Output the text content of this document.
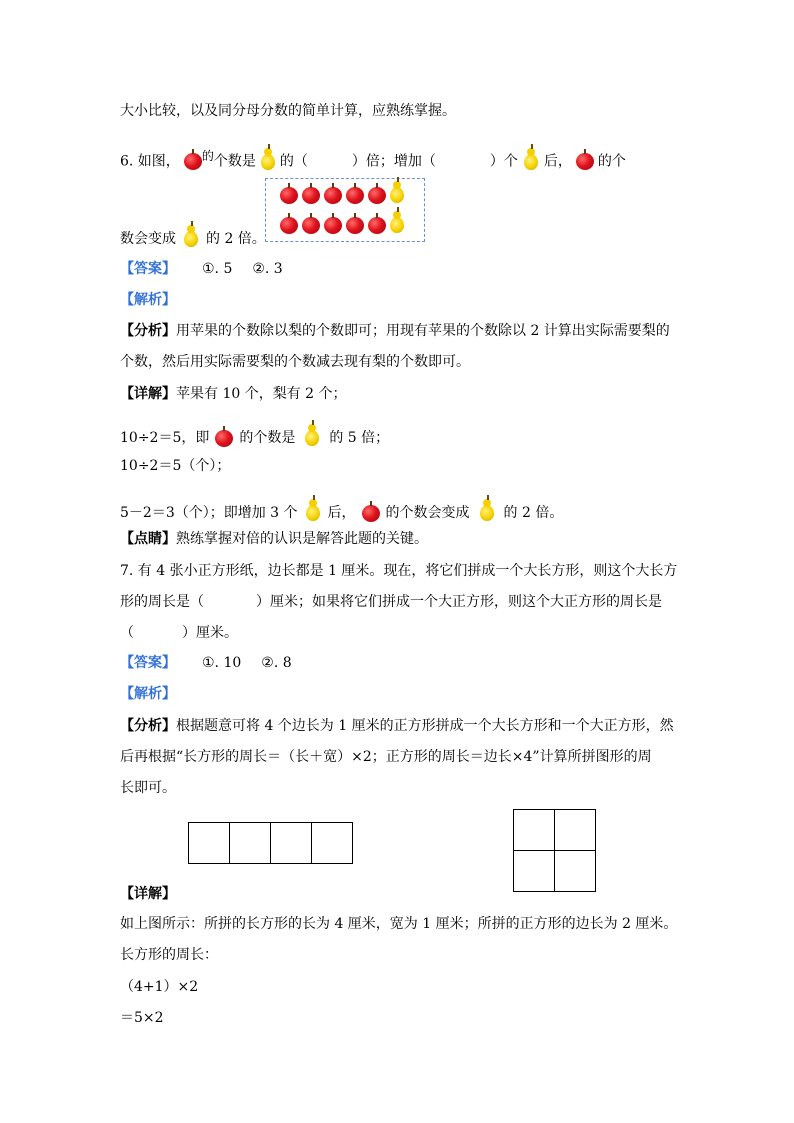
大小比较，以及同分母分数的简单计算，应熟练掌握。
6. 如图， $^的$个数是 的（	）倍；增加（	）个 后， 的个
数会变成 的 2 倍。
【答案】 ①. 5 ②. 3
【解析】
【分析】用苹果的个数除以梨的个数即可；用现有苹果的个数除以 2 计算出实际需要梨的
个数，然后用实际需要梨的个数减去现有梨的个数即可。
【详解】苹果有 10 个，梨有 2 个；
10÷2＝5，即 的个数是 的 5 倍；
10÷2＝5（个）；
5－2＝3（个）；即增加 3 个 后， 的个数会变成 的 2 倍。
【点睛】熟练掌握对倍的认识是解答此题的关键。
7. 有 4 张小正方形纸，边长都是 1 厘米。现在，将它们拼成一个大长方形，则这个大长方
形的周长是（	）厘米；如果将它们拼成一个大正方形，则这个大正方形的周长是
（	）厘米。
【答案】 ①. 10 ②. 8
【解析】
【分析】根据题意可将 4 个边长为 1 厘米的正方形拼成一个大长方形和一个大正方形，然
后再根据“长方形的周长＝（长＋宽）×2；正方形的周长＝边长×4”计算所拼图形的周
长即可。
【详解】
如上图所示：所拼的长方形的长为 4 厘米，宽为 1 厘米；所拼的正方形的边长为 2 厘米。
长方形的周长：
（4+1）×2
＝5×2
